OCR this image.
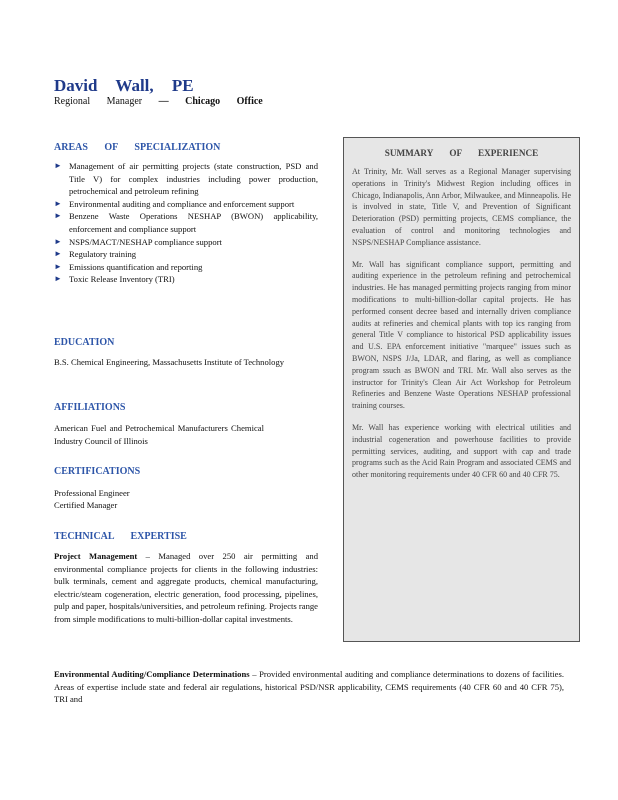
David Wall, PE
Regional Manager — Chicago Office
AREAS OF SPECIALIZATION
► Management of air permitting projects (state construction, PSD and Title V) for complex industries including power production, petrochemical and petroleum refining
► Environmental auditing and compliance and enforcement support
► Benzene Waste Operations NESHAP (BWON) applicability, enforcement and compliance support
► NSPS/MACT/NESHAP compliance support
► Regulatory training
► Emissions quantification and reporting
► Toxic Release Inventory (TRI)
EDUCATION
B.S. Chemical Engineering, Massachusetts Institute of Technology
AFFILIATIONS
American Fuel and Petrochemical Manufacturers Chemical Industry Council of Illinois
CERTIFICATIONS
Professional Engineer
Certified Manager
TECHNICAL EXPERTISE
Project Management – Managed over 250 air permitting and environmental compliance projects for clients in the following industries: bulk terminals, cement and aggregate products, chemical manufacturing, electric/steam cogeneration, electric generation, food processing, pipelines, pulp and paper, hospitals/universities, and petroleum refining. Projects range from simple modifications to multi-billion-dollar capital investments.
Environmental Auditing/Compliance Determinations – Provided environmental auditing and compliance determinations to dozens of facilities. Areas of expertise include state and federal air regulations, historical PSD/NSR applicability, CEMS requirements (40 CFR 60 and 40 CFR 75), TRI and
SUMMARY OF EXPERIENCE

At Trinity, Mr. Wall serves as a Regional Manager supervising operations in Trinity's Midwest Region including offices in Chicago, Indianapolis, Ann Arbor, Milwaukee, and Minneapolis. He is involved in state, Title V, and Prevention of Significant Deterioration (PSD) permitting projects, CEMS compliance, the evaluation of control and monitoring technologies and NSPS/NESHAP Compliance assistance.

Mr. Wall has significant compliance support, permitting and auditing experience in the petroleum refining and petrochemical industries. He has managed permitting projects ranging from minor modifications to multi-billion-dollar capital projects. He has performed consent decree based and internally driven compliance audits at refineries and chemical plants with top ics ranging from general Title V compliance to historical PSD applicability issues and U.S. EPA enforcement initiative "marquee" issues such as BWON, NSPS J/Ja, LDAR, and flaring, as well as compliance program ssuch as BWON and TRI. Mr. Wall also serves as the instructor for Trinity's Clean Air Act Workshop for Petroleum Refineries and Benzene Waste Operations NESHAP professional training courses.

Mr. Wall has experience working with electrical utilities and industrial cogeneration and powerhouse facilities to provide permitting services, auditing, and support with cap and trade programs such as the Acid Rain Program and associated CEMS and other monitoring requirements under 40 CFR 60 and 40 CFR 75.
